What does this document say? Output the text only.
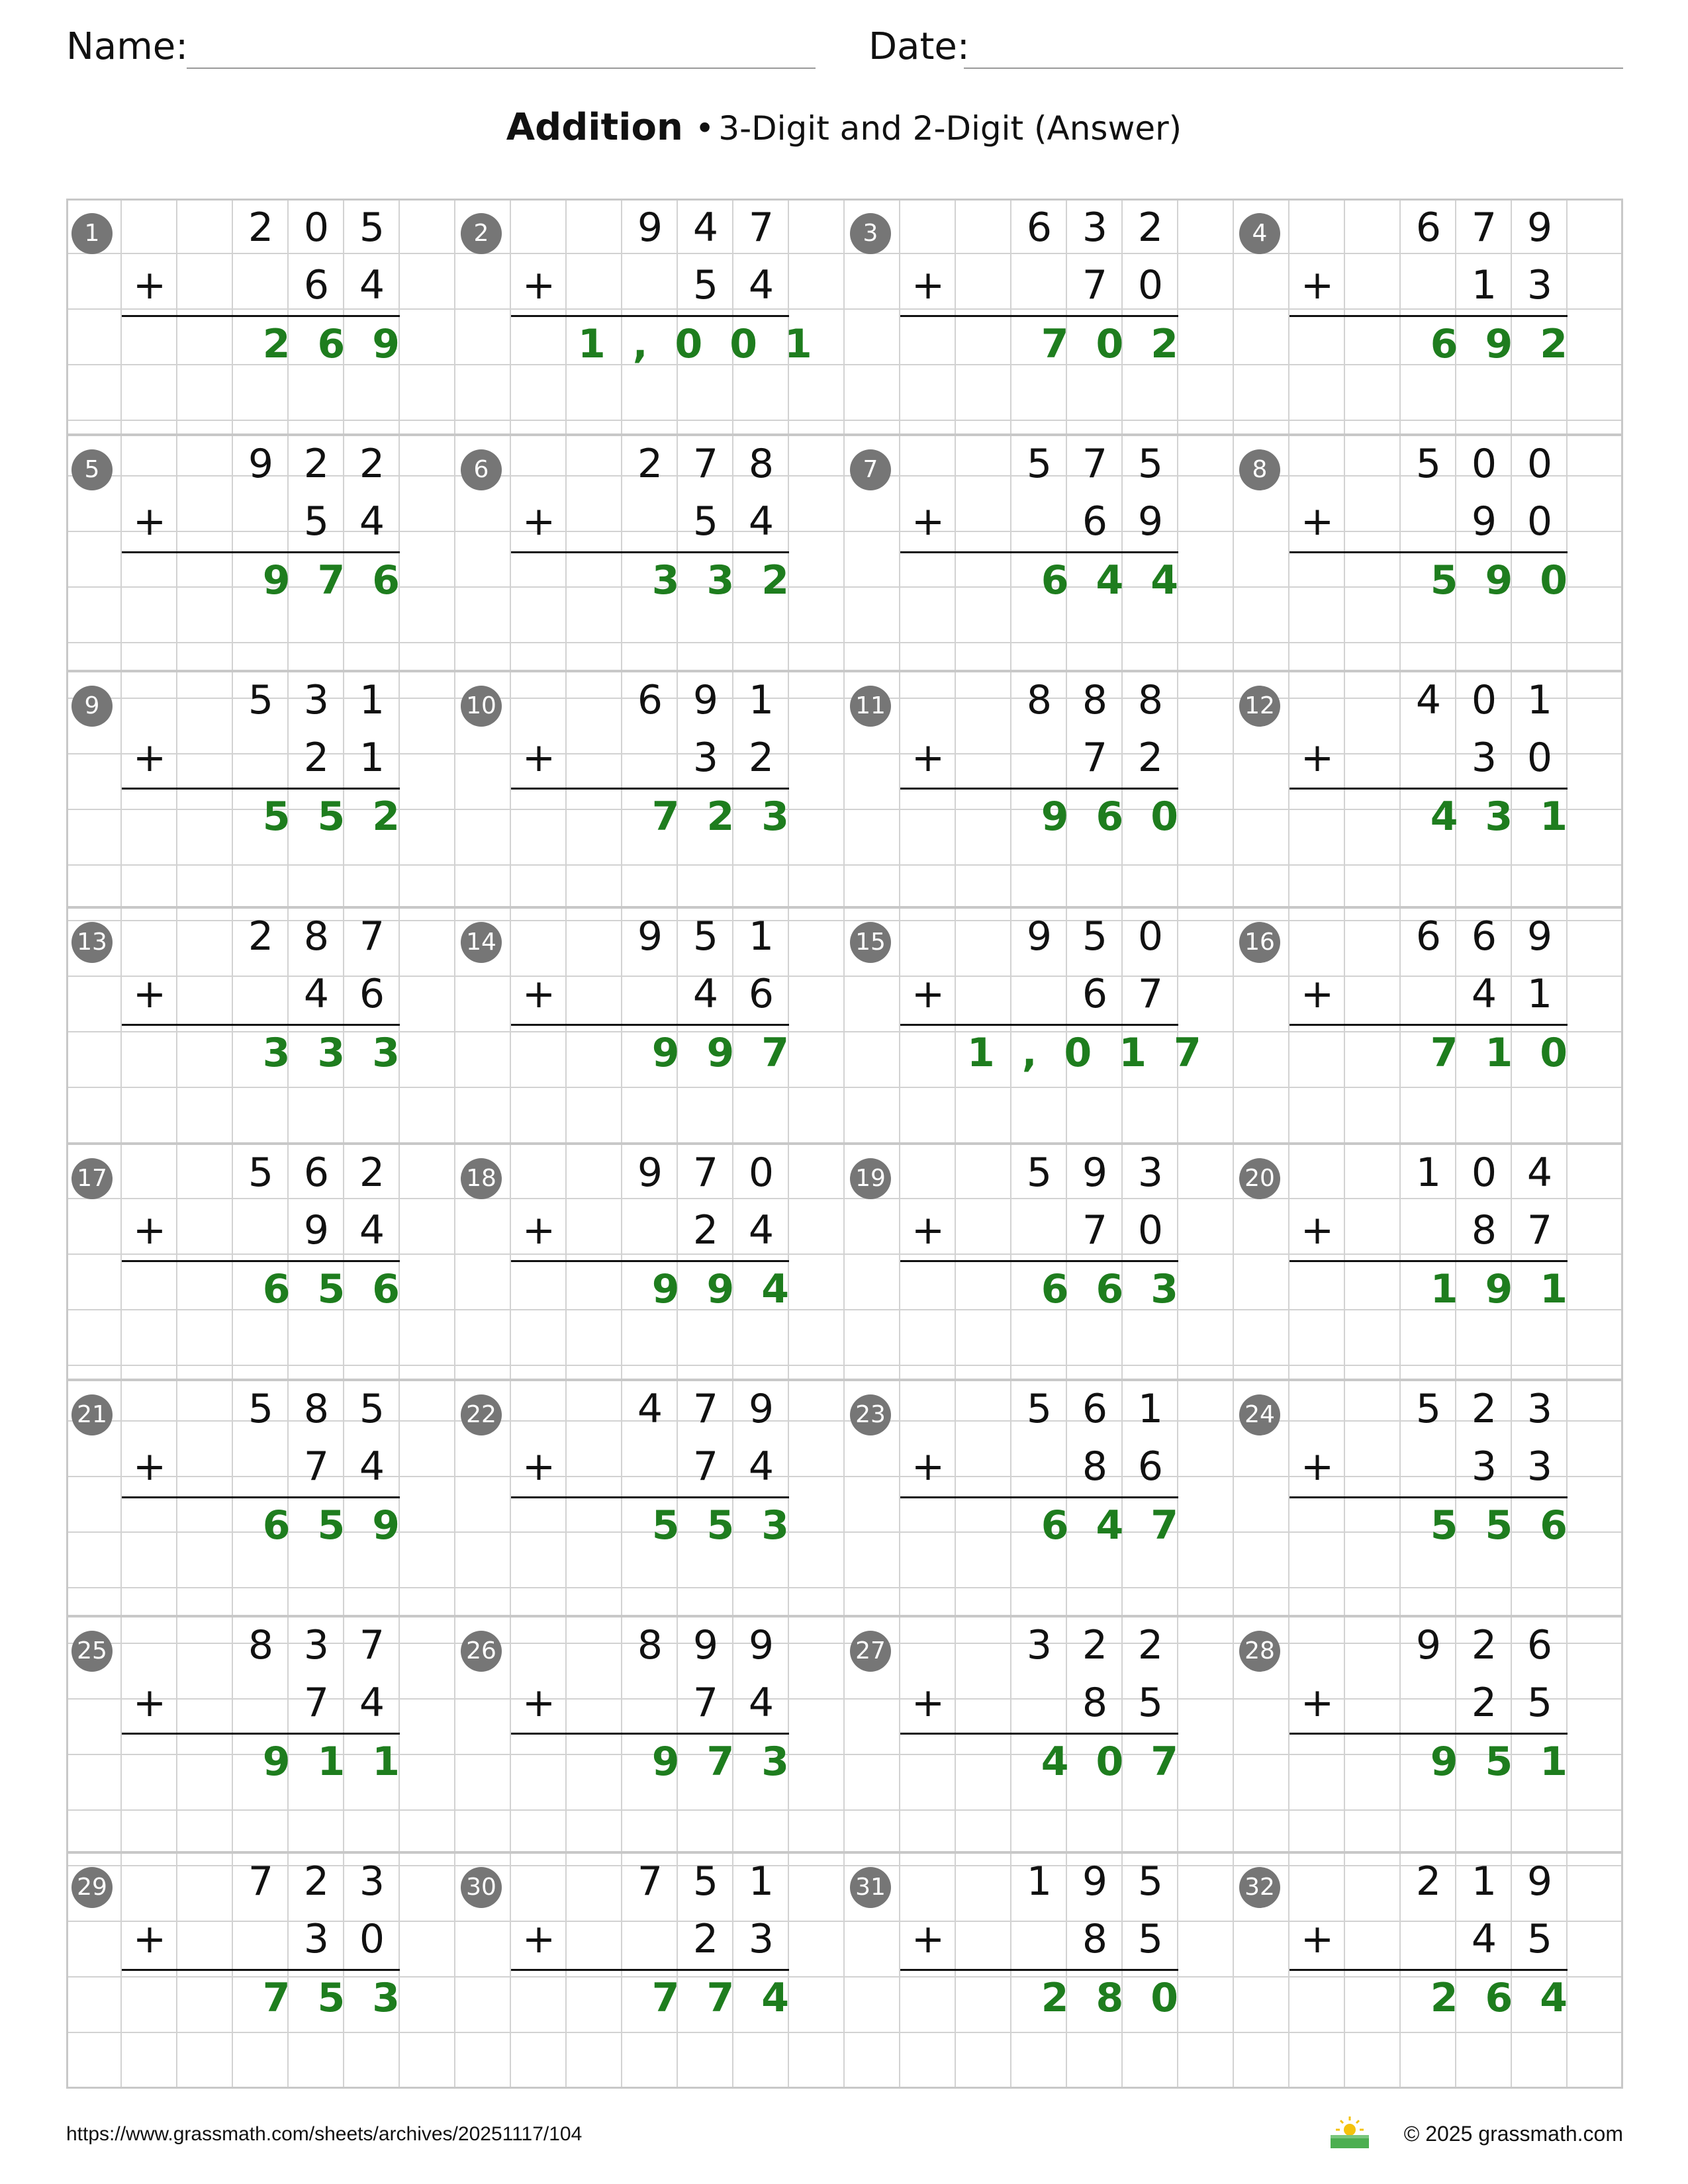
Name:	Date:
Addition • 3-Digit and 2-Digit (Answer)
1	2 0 5
+	6 4
269
2	9 4 7
+	5 4
1,001
3	6 3 2
+	7 0
702
4	6 7 9
+	1 3
692
5	9 2 2
+	5 4
976
6	2 7 8
+	5 4
332
7	5 7 5
+	6 9
644
8	5 0 0
+	9 0
590
9	5 3 1
+	2 1
552
10	6 9 1
+	3 2
723
11	8 8 8
+	7 2
960
12	4 0 1
+	3 0
431
13	2 8 7
+	4 6
333
14	9 5 1
+	4 6
997
15	9 5 0
+	6 7
1,017
16	6 6 9
+	4 1
710
17	5 6 2
+	9 4
656
18	9 7 0
+	2 4
994
19	5 9 3
+	7 0
663
20	1 0 4
+	8 7
191
21	5 8 5
+	7 4
659
22	4 7 9
+	7 4
553
23	5 6 1
+	8 6
647
24	5 2 3
+	3 3
556
25	8 3 7
+	7 4
911
26	8 9 9
+	7 4
973
27	3 2 2
+	8 5
407
28	9 2 6
+	2 5
951
29	7 2 3
+	3 0
753
30	7 5 1
+	2 3
774
31	1 9 5
+	8 5
280
32	2 1 9
+	4 5
264
https://www.grassmath.com/sheets/archives/20251117/104	© 2025 grassmath.com
